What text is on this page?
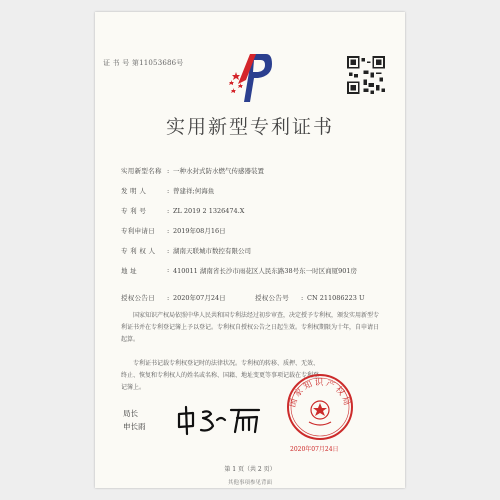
证 书 号 第11053686号
实用新型专利证书
实用新型名称 : 一种水封式防水燃气传感器装置
发 明 人	: 曾建祥;何海鱼
专 利 号	: ZL 2019 2 1326474.X
专利申请日 : 2019年08月16日
专 利 权 人 : 湖南天联城市数控有限公司
地 址	: 410011 湖南省长沙市雨花区人民东路38号东一时区商厦901房
授权公告日 : 2020年07月24日	授权公告号 : CN 211086223 U
国家知识产权局依照中华人民共和国专利法经过初步审查，决定授予专利权，颁发实用新型专利证书并在专利登记簿上予以登记。专利权自授权公告之日起生效。专利权期限为十年，自申请日起算。
专利证书记载专利权登记时的法律状况。专利权的转移、质押、无效、终止、恢复和专利权人的姓名或名称、国籍、地址变更等事项记载在专利登记簿上。
局长
申长雨
国家知识产权局
2020年07月24日
第 1 页（共 2 页）
其他事项参见背面
